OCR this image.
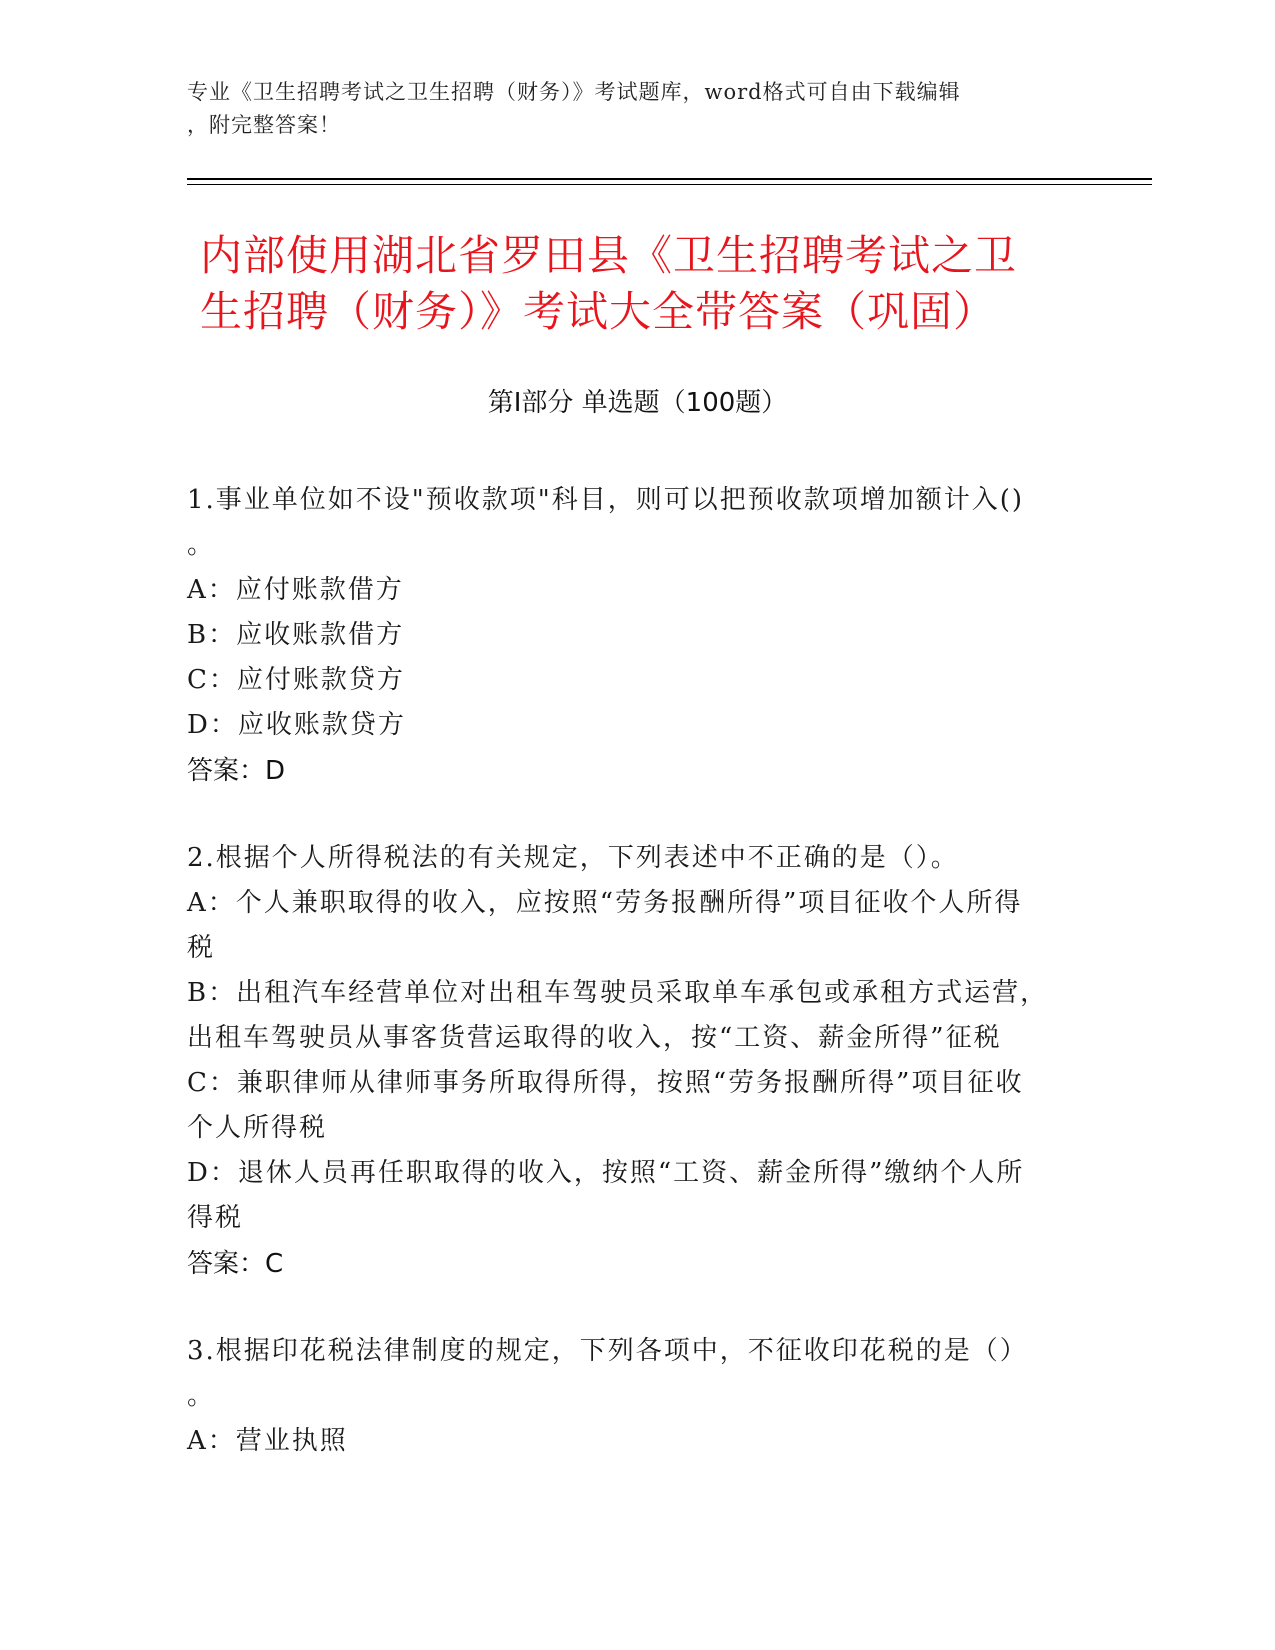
专业《卫生招聘考试之卫生招聘（财务）》考试题库，word格式可自由下载编辑
，附完整答案！
内部使用湖北省罗田县《卫生招聘考试之卫
生招聘（财务）》考试大全带答案（巩固）
第Ⅰ部分 单选题（100题）
1.事业单位如不设"预收款项"科目，则可以把预收款项增加额计入()
。
A：应付账款借方
B：应收账款借方
C：应付账款贷方
D：应收账款贷方
答案：D
2.根据个人所得税法的有关规定，下列表述中不正确的是（）。
A：个人兼职取得的收入，应按照“劳务报酬所得”项目征收个人所得
税
B：出租汽车经营单位对出租车驾驶员采取单车承包或承租方式运营，
出租车驾驶员从事客货营运取得的收入，按“工资、薪金所得”征税
C：兼职律师从律师事务所取得所得，按照“劳务报酬所得”项目征收
个人所得税
D：退休人员再任职取得的收入，按照“工资、薪金所得”缴纳个人所
得税
答案：C
3.根据印花税法律制度的规定，下列各项中，不征收印花税的是（）
。
A：营业执照
